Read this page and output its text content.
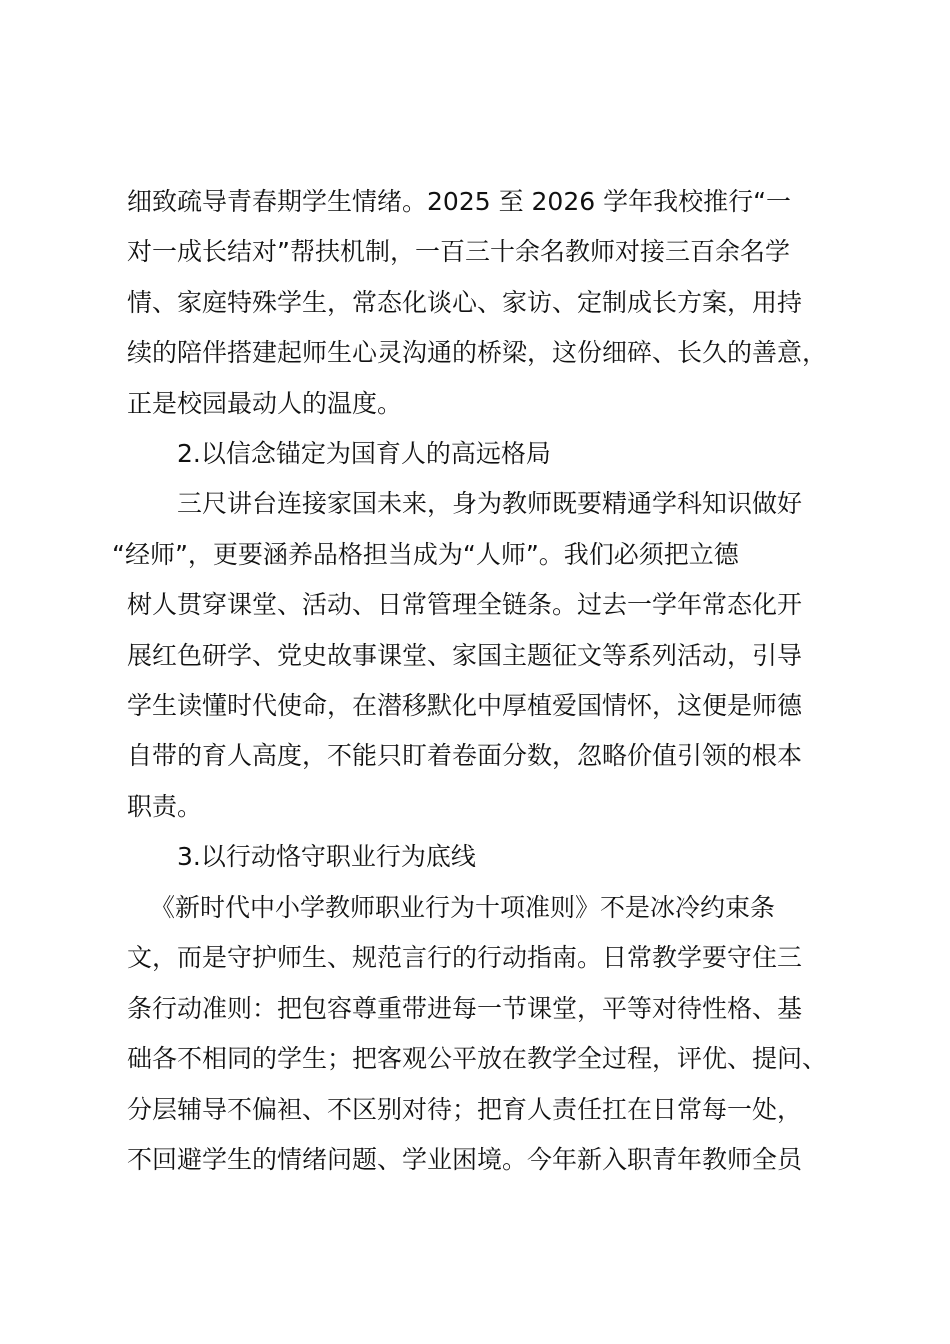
细致疏导青春期学生情绪。2025 至 2026 学年我校推行“一
对一成长结对”帮扶机制，一百三十余名教师对接三百余名学
情、家庭特殊学生，常态化谈心、家访、定制成长方案，用持
续的陪伴搭建起师生心灵沟通的桥梁，这份细碎、长久的善意，
正是校园最动人的温度。
2.以信念锚定为国育人的高远格局
三尺讲台连接家国未来，身为教师既要精通学科知识做好
“经师”，更要涵养品格担当成为“人师”。我们必须把立德
树人贯穿课堂、活动、日常管理全链条。过去一学年常态化开
展红色研学、党史故事课堂、家国主题征文等系列活动，引导
学生读懂时代使命，在潜移默化中厚植爱国情怀，这便是师德
自带的育人高度，不能只盯着卷面分数，忽略价值引领的根本
职责。
3.以行动恪守职业行为底线
《新时代中小学教师职业行为十项准则》不是冰冷约束条
文，而是守护师生、规范言行的行动指南。日常教学要守住三
条行动准则：把包容尊重带进每一节课堂，平等对待性格、基
础各不相同的学生；把客观公平放在教学全过程，评优、提问、
分层辅导不偏袒、不区别对待；把育人责任扛在日常每一处，
不回避学生的情绪问题、学业困境。今年新入职青年教师全员
